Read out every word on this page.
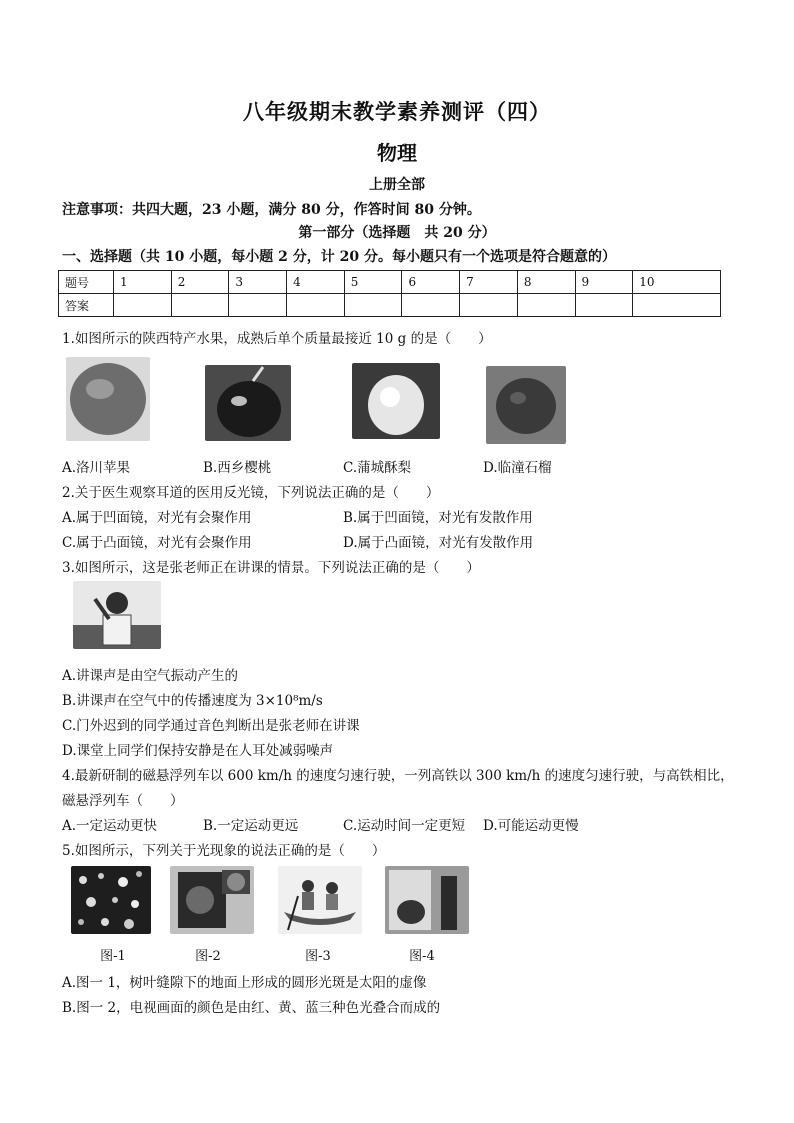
八年级期末教学素养测评（四）
物理
上册全部
注意事项：共四大题，23 小题，满分 80 分，作答时间 80 分钟。
第一部分（选择题　共 20 分）
一、选择题（共 10 小题，每小题 2 分，计 20 分。每小题只有一个选项是符合题意的）
题号	1	2	3	4	5	6	7	8	9	10
答案										
1.如图所示的陕西特产水果，成熟后单个质量最接近 10 g 的是（　　）
A.洛川苹果	B.西乡樱桃	C.蒲城酥梨	D.临潼石榴
2.关于医生观察耳道的医用反光镜，下列说法正确的是（　　）
A.属于凹面镜，对光有会聚作用	B.属于凹面镜，对光有发散作用
C.属于凸面镜，对光有会聚作用	D.属于凸面镜，对光有发散作用
3.如图所示，这是张老师正在讲课的情景。下列说法正确的是（　　）
A.讲课声是由空气振动产生的
B.讲课声在空气中的传播速度为 3×10⁸m/s
C.门外迟到的同学通过音色判断出是张老师在讲课
D.课堂上同学们保持安静是在人耳处减弱噪声
4.最新研制的磁悬浮列车以 600 km/h 的速度匀速行驶，一列高铁以 300 km/h 的速度匀速行驶，与高铁相比，
磁悬浮列车（　　）
A.一定运动更快	B.一定运动更远	C.运动时间一定更短 D.可能运动更慢
5.如图所示，下列关于光现象的说法正确的是（　　）
图-1	图-2	图-3	图-4
A.图一 1，树叶缝隙下的地面上形成的圆形光斑是太阳的虚像
B.图一 2，电视画面的颜色是由红、黄、蓝三种色光叠合而成的
